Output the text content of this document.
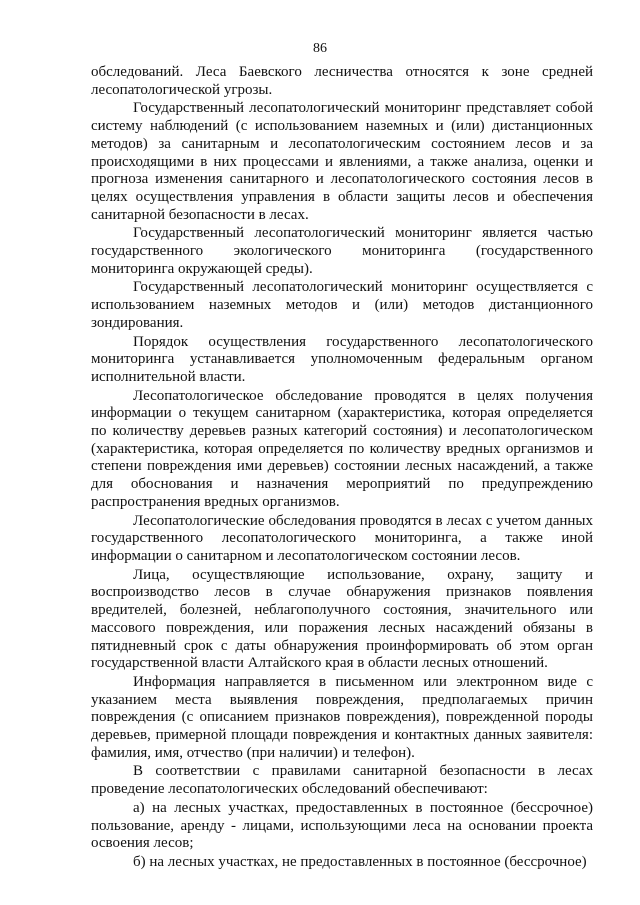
86

обследований. Леса Баевского лесничества относятся к зоне средней лесопатологической угрозы.

Государственный лесопатологический мониторинг представляет собой систему наблюдений (с использованием наземных и (или) дистанционных методов) за санитарным и лесопатологическим состоянием лесов и за происходящими в них процессами и явлениями, а также анализа, оценки и прогноза изменения санитарного и лесопатологического состояния лесов в целях осуществления управления в области защиты лесов и обеспечения санитарной безопасности в лесах.

Государственный лесопатологический мониторинг является частью государственного экологического мониторинга (государственного мониторинга окружающей среды).

Государственный лесопатологический мониторинг осуществляется с использованием наземных методов и (или) методов дистанционного зондирования.

Порядок осуществления государственного лесопатологического мониторинга устанавливается уполномоченным федеральным органом исполнительной власти.

Лесопатологическое обследование проводятся в целях получения информации о текущем санитарном (характеристика, которая определяется по количеству деревьев разных категорий состояния) и лесопатологическом (характеристика, которая определяется по количеству вредных организмов и степени повреждения ими деревьев) состоянии лесных насаждений, а также для обоснования и назначения мероприятий по предупреждению распространения вредных организмов.

Лесопатологические обследования проводятся в лесах с учетом данных государственного лесопатологического мониторинга, а также иной информации о санитарном и лесопатологическом состоянии лесов.

Лица, осуществляющие использование, охрану, защиту и воспроизводство лесов в случае обнаружения признаков появления вредителей, болезней, неблагополучного состояния, значительного или массового повреждения, или поражения лесных насаждений обязаны в пятидневный срок с даты обнаружения проинформировать об этом орган государственной власти Алтайского края в области лесных отношений.

Информация направляется в письменном или электронном виде с указанием места выявления повреждения, предполагаемых причин повреждения (с описанием признаков повреждения), поврежденной породы деревьев, примерной площади повреждения и контактных данных заявителя: фамилия, имя, отчество (при наличии) и телефон).

В соответствии с правилами санитарной безопасности в лесах проведение лесопатологических обследований обеспечивают:

а) на лесных участках, предоставленных в постоянное (бессрочное) пользование, аренду - лицами, использующими леса на основании проекта освоения лесов;

б) на лесных участках, не предоставленных в постоянное (бессрочное)
